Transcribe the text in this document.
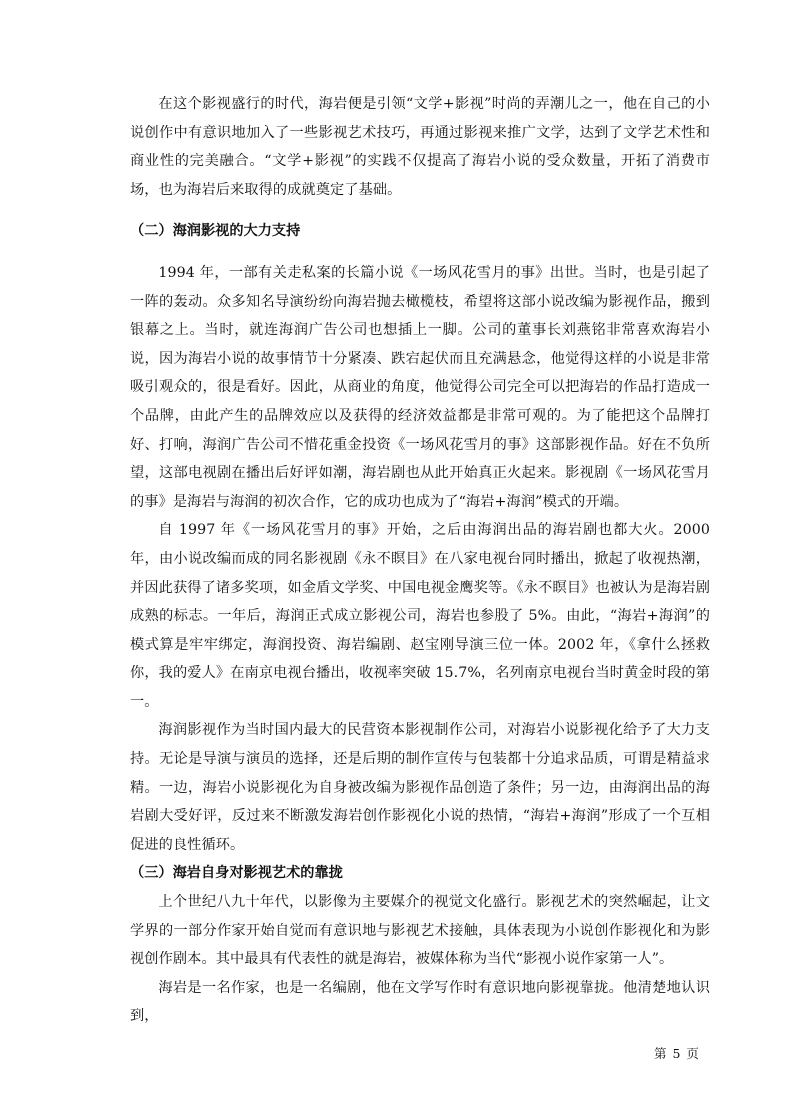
在这个影视盛行的时代，海岩便是引领“文学+影视”时尚的弄潮儿之一，他在自己的小说创作中有意识地加入了一些影视艺术技巧，再通过影视来推广文学，达到了文学艺术性和商业性的完美融合。“文学+影视”的实践不仅提高了海岩小说的受众数量，开拓了消费市场，也为海岩后来取得的成就奠定了基础。

（二）海润影视的大力支持

1994 年，一部有关走私案的长篇小说《一场风花雪月的事》出世。当时，也是引起了一阵的轰动。众多知名导演纷纷向海岩抛去橄榄枝，希望将这部小说改编为影视作品，搬到银幕之上。当时，就连海润广告公司也想插上一脚。公司的董事长刘燕铭非常喜欢海岩小说，因为海岩小说的故事情节十分紧凑、跌宕起伏而且充满悬念，他觉得这样的小说是非常吸引观众的，很是看好。因此，从商业的角度，他觉得公司完全可以把海岩的作品打造成一个品牌，由此产生的品牌效应以及获得的经济效益都是非常可观的。为了能把这个品牌打好、打响，海润广告公司不惜花重金投资《一场风花雪月的事》这部影视作品。好在不负所望，这部电视剧在播出后好评如潮，海岩剧也从此开始真正火起来。影视剧《一场风花雪月的事》是海岩与海润的初次合作，它的成功也成为了“海岩+海润”模式的开端。

自 1997 年《一场风花雪月的事》开始，之后由海润出品的海岩剧也都大火。2000 年，由小说改编而成的同名影视剧《永不瞑目》在八家电视台同时播出，掀起了收视热潮，并因此获得了诸多奖项，如金盾文学奖、中国电视金鹰奖等。《永不瞑目》也被认为是海岩剧成熟的标志。一年后，海润正式成立影视公司，海岩也参股了 5%。由此，“海岩+海润”的模式算是牢牢绑定，海润投资、海岩编剧、赵宝刚导演三位一体。2002 年，《拿什么拯救你，我的爱人》在南京电视台播出，收视率突破 15.7%，名列南京电视台当时黄金时段的第一。

海润影视作为当时国内最大的民营资本影视制作公司，对海岩小说影视化给予了大力支持。无论是导演与演员的选择，还是后期的制作宣传与包装都十分追求品质，可谓是精益求精。一边，海岩小说影视化为自身被改编为影视作品创造了条件；另一边，由海润出品的海岩剧大受好评，反过来不断激发海岩创作影视化小说的热情，“海岩+海润”形成了一个互相促进的良性循环。

（三）海岩自身对影视艺术的靠拢

上个世纪八九十年代，以影像为主要媒介的视觉文化盛行。影视艺术的突然崛起，让文学界的一部分作家开始自觉而有意识地与影视艺术接触，具体表现为小说创作影视化和为影视创作剧本。其中最具有代表性的就是海岩，被媒体称为当代“影视小说作家第一人”。

海岩是一名作家，也是一名编剧，他在文学写作时有意识地向影视靠拢。他清楚地认识到，

第 5 页
